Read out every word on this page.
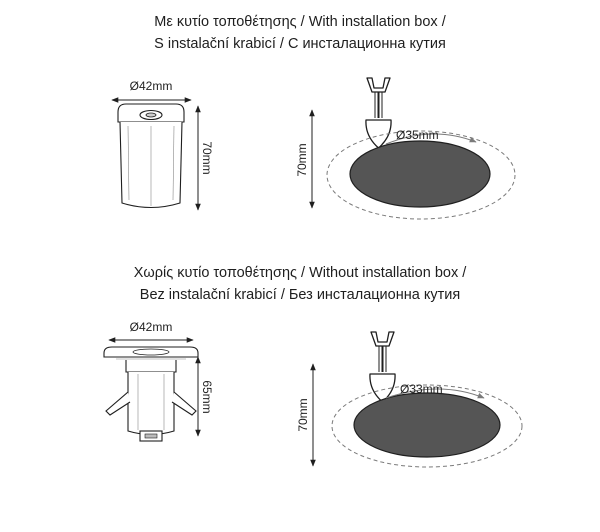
Με κυτίο τοποθέτησης / With installation box /
S instalační krabicí / С инсталационна кутия
Χωρίς κυτίο τοποθέτησης / Without installation box /
Bez instalační krabicí / Без инсталационна кутия
Ø42mm
70mm	70mm
Ø35mm
Ø42mm
65mm
70mm
Ø33mm
